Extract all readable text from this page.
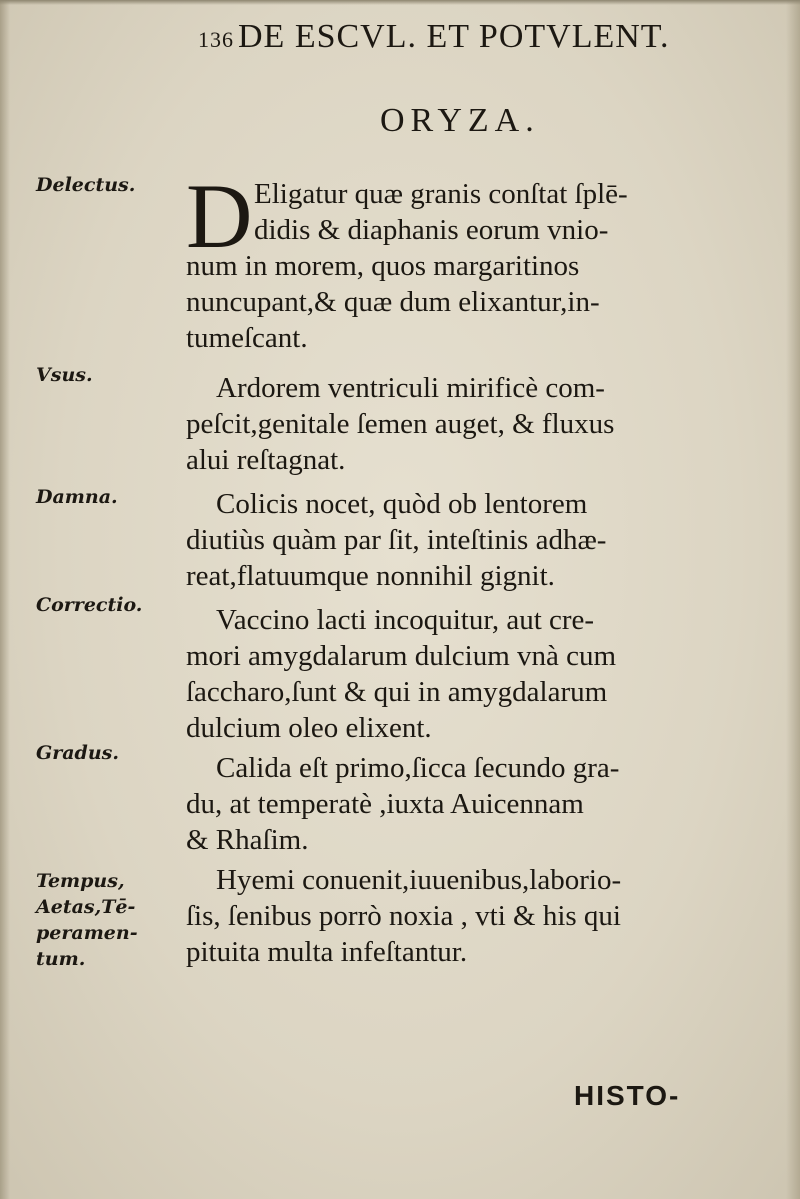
136 DE ESCVL. ET POTVLENT.
ORYZA.
Delectus.
Vsus.
Damna.
Correctio.
Gradus.
Tempus,
Aetas,Tē-
peramen-
tum.
D Eligatur quæ granis conſtat ſplē-
didis & diaphanis eorum vnio-
num in morem, quos margaritinos
nuncupant,& quæ dum elixantur,in-
tumeſcant.
Ardorem ventriculi mirificè com-
peſcit,genitale ſemen auget, & fluxus
alui reſtagnat.
Colicis nocet, quòd ob lentorem
diutiùs quàm par ſit, inteſtinis adhæ-
reat,flatuumque nonnihil gignit.
Vaccino lacti incoquitur, aut cre-
mori amygdalarum dulcium vnà cum
ſaccharo,ſunt & qui in amygdalarum
dulcium oleo elixent.
Calida eſt primo,ſicca ſecundo gra-
du, at temperatè ,iuxta Auicennam
& Rhaſim.
Hyemi conuenit,iuuenibus,laborio-
ſis, ſenibus porrò noxia , vti & his qui
pituita multa infeſtantur.
HISTO-
